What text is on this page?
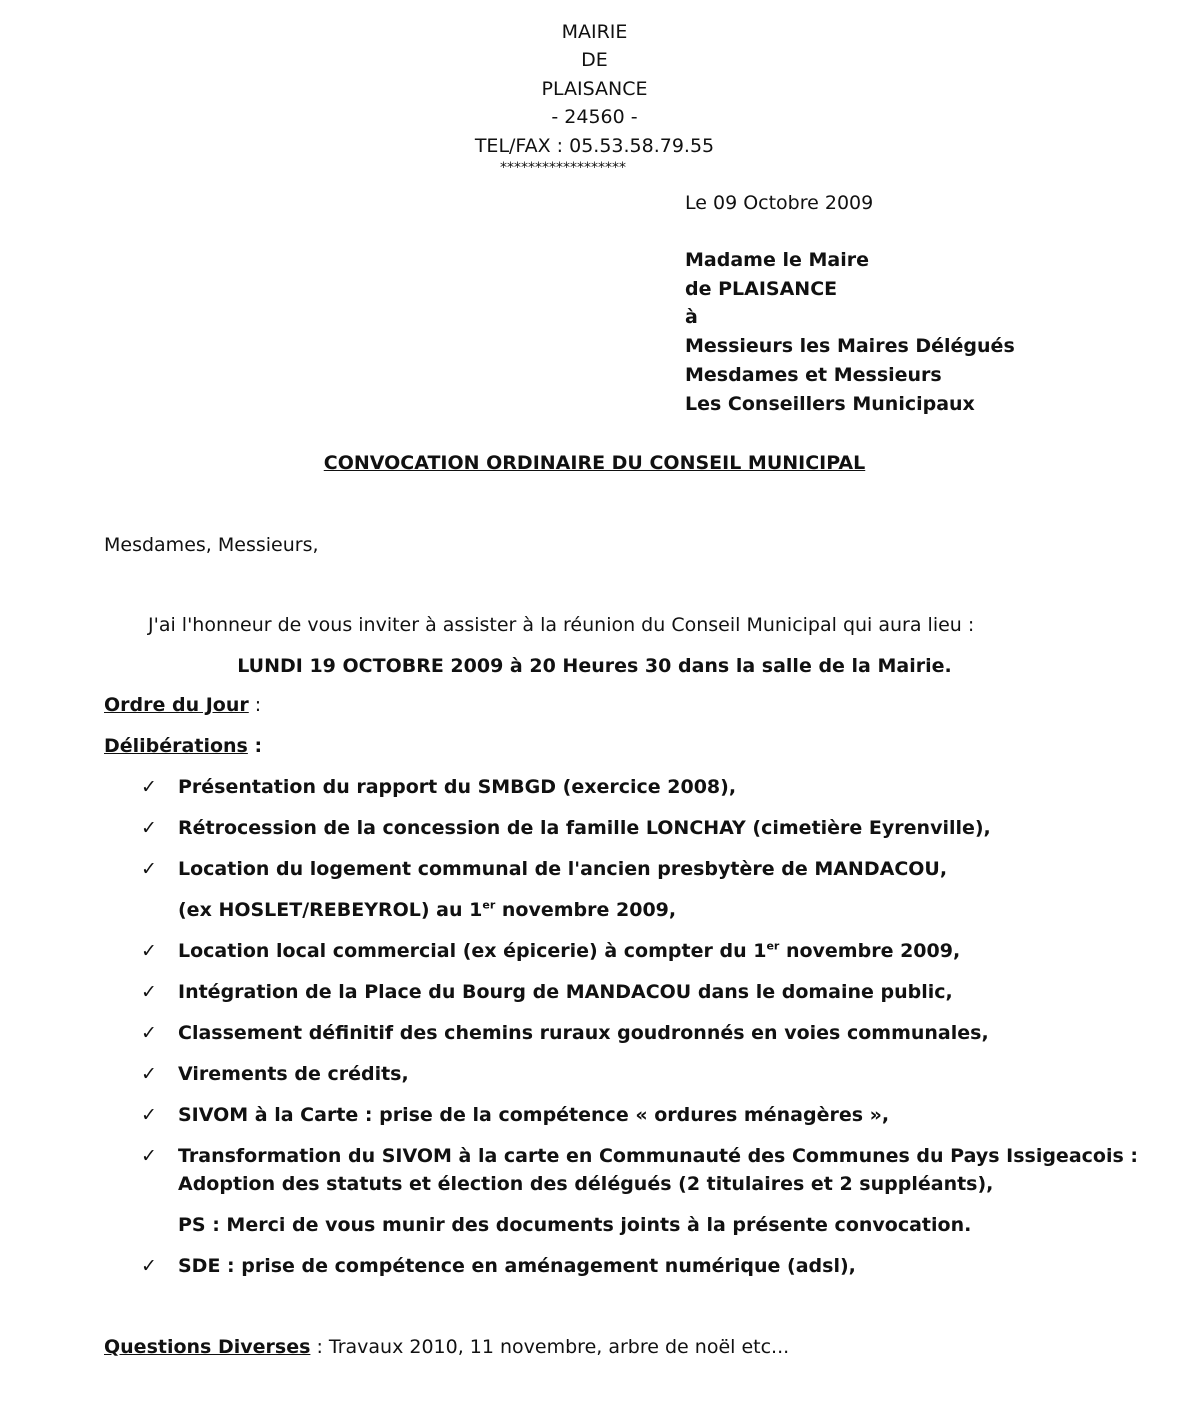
MAIRIE
DE
PLAISANCE
- 24560 -
TEL/FAX : 05.53.58.79.55
******************
Le 09 Octobre 2009
Madame le Maire
de PLAISANCE
à
Messieurs les Maires Délégués
Mesdames et Messieurs
Les Conseillers Municipaux
CONVOCATION ORDINAIRE DU CONSEIL MUNICIPAL
Mesdames, Messieurs,
J'ai l'honneur de vous inviter à assister à la réunion du Conseil Municipal qui aura lieu :
LUNDI 19 OCTOBRE 2009 à 20 Heures 30 dans la salle de la Mairie.
Ordre du Jour :
Délibérations :
✓ Présentation du rapport du SMBGD (exercice 2008),
✓ Rétrocession de la concession de la famille LONCHAY (cimetière Eyrenville),
✓ Location du logement communal de l'ancien presbytère de MANDACOU,
(ex HOSLET/REBEYROL) au 1er novembre 2009,
✓ Location local commercial (ex épicerie) à compter du 1er novembre 2009,
✓ Intégration de la Place du Bourg de MANDACOU dans le domaine public,
✓ Classement définitif des chemins ruraux goudronnés en voies communales,
✓ Virements de crédits,
✓ SIVOM à la Carte : prise de la compétence « ordures ménagères »,
✓ Transformation du SIVOM à la carte en Communauté des Communes du Pays Issigeacois :
Adoption des statuts et élection des délégués (2 titulaires et 2 suppléants),
PS : Merci de vous munir des documents joints à la présente convocation.
✓ SDE : prise de compétence en aménagement numérique (adsl),
Questions Diverses : Travaux 2010, 11 novembre, arbre de noël etc...
